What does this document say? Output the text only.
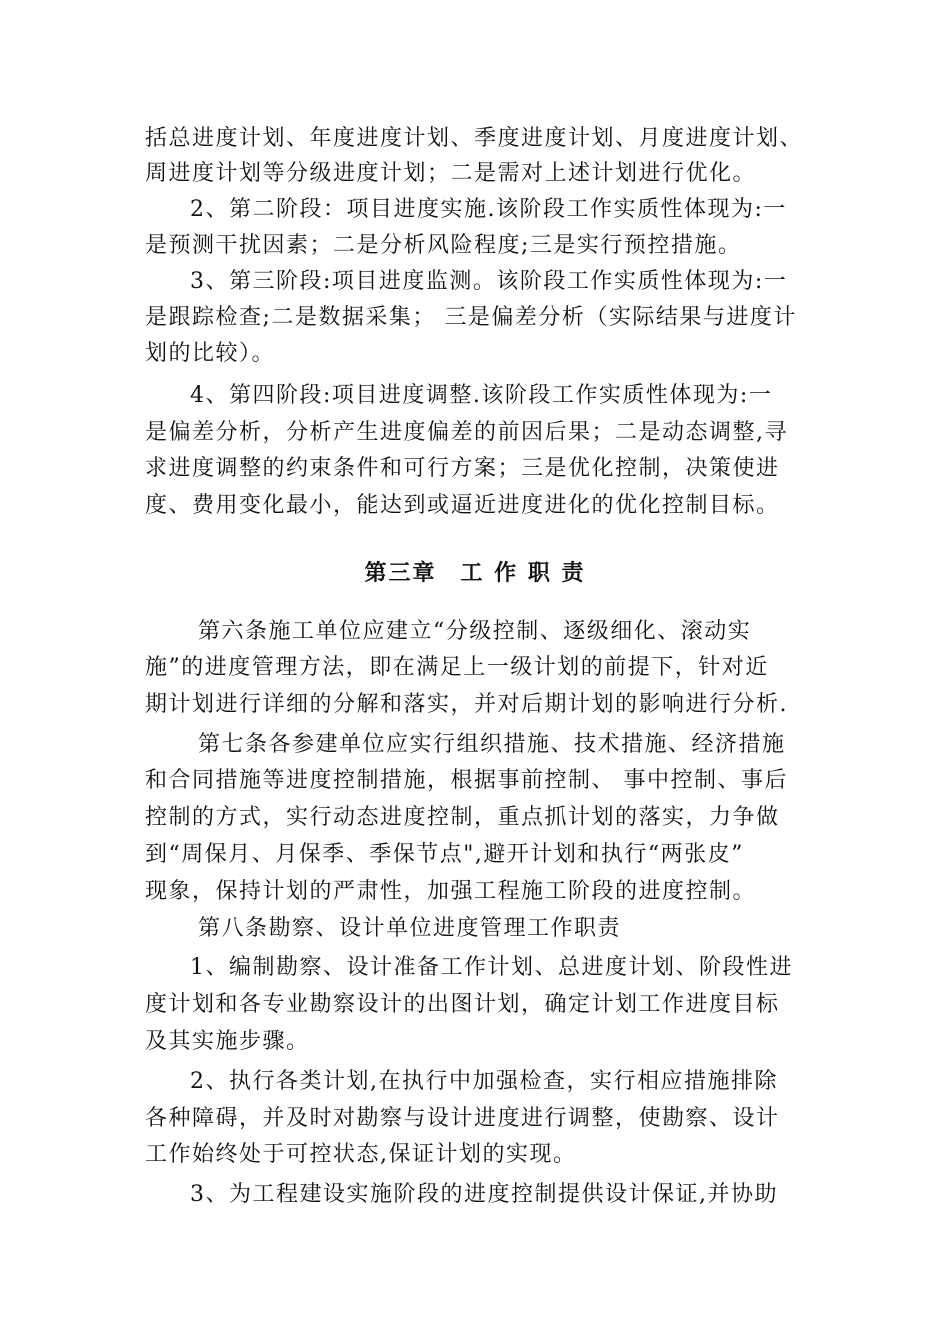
括总进度计划、年度进度计划、季度进度计划、月度进度计划、
周进度计划等分级进度计划；二是需对上述计划进行优化。
2、第二阶段：项目进度实施.该阶段工作实质性体现为:一
是预测干扰因素；二是分析风险程度;三是实行预控措施。
3、第三阶段:项目进度监测。该阶段工作实质性体现为:一
是跟踪检查;二是数据采集； 三是偏差分析（实际结果与进度计
划的比较）。
4、第四阶段:项目进度调整.该阶段工作实质性体现为:一
是偏差分析，分析产生进度偏差的前因后果；二是动态调整,寻
求进度调整的约束条件和可行方案；三是优化控制，决策使进
度、费用变化最小，能达到或逼近进度进化的优化控制目标。
第三章　工 作 职 责
第六条施工单位应建立“分级控制、逐级细化、滚动实
施”的进度管理方法，即在满足上一级计划的前提下，针对近
期计划进行详细的分解和落实，并对后期计划的影响进行分析.
第七条各参建单位应实行组织措施、技术措施、经济措施
和合同措施等进度控制措施，根据事前控制、 事中控制、事后
控制的方式，实行动态进度控制，重点抓计划的落实，力争做
到“周保月、月保季、季保节点",避开计划和执行“两张皮”
现象，保持计划的严肃性，加强工程施工阶段的进度控制。
第八条勘察、设计单位进度管理工作职责
1、编制勘察、设计准备工作计划、总进度计划、阶段性进
度计划和各专业勘察设计的出图计划，确定计划工作进度目标
及其实施步骤。
2、执行各类计划,在执行中加强检查，实行相应措施排除
各种障碍，并及时对勘察与设计进度进行调整，使勘察、设计
工作始终处于可控状态,保证计划的实现。
3、为工程建设实施阶段的进度控制提供设计保证,并协助
